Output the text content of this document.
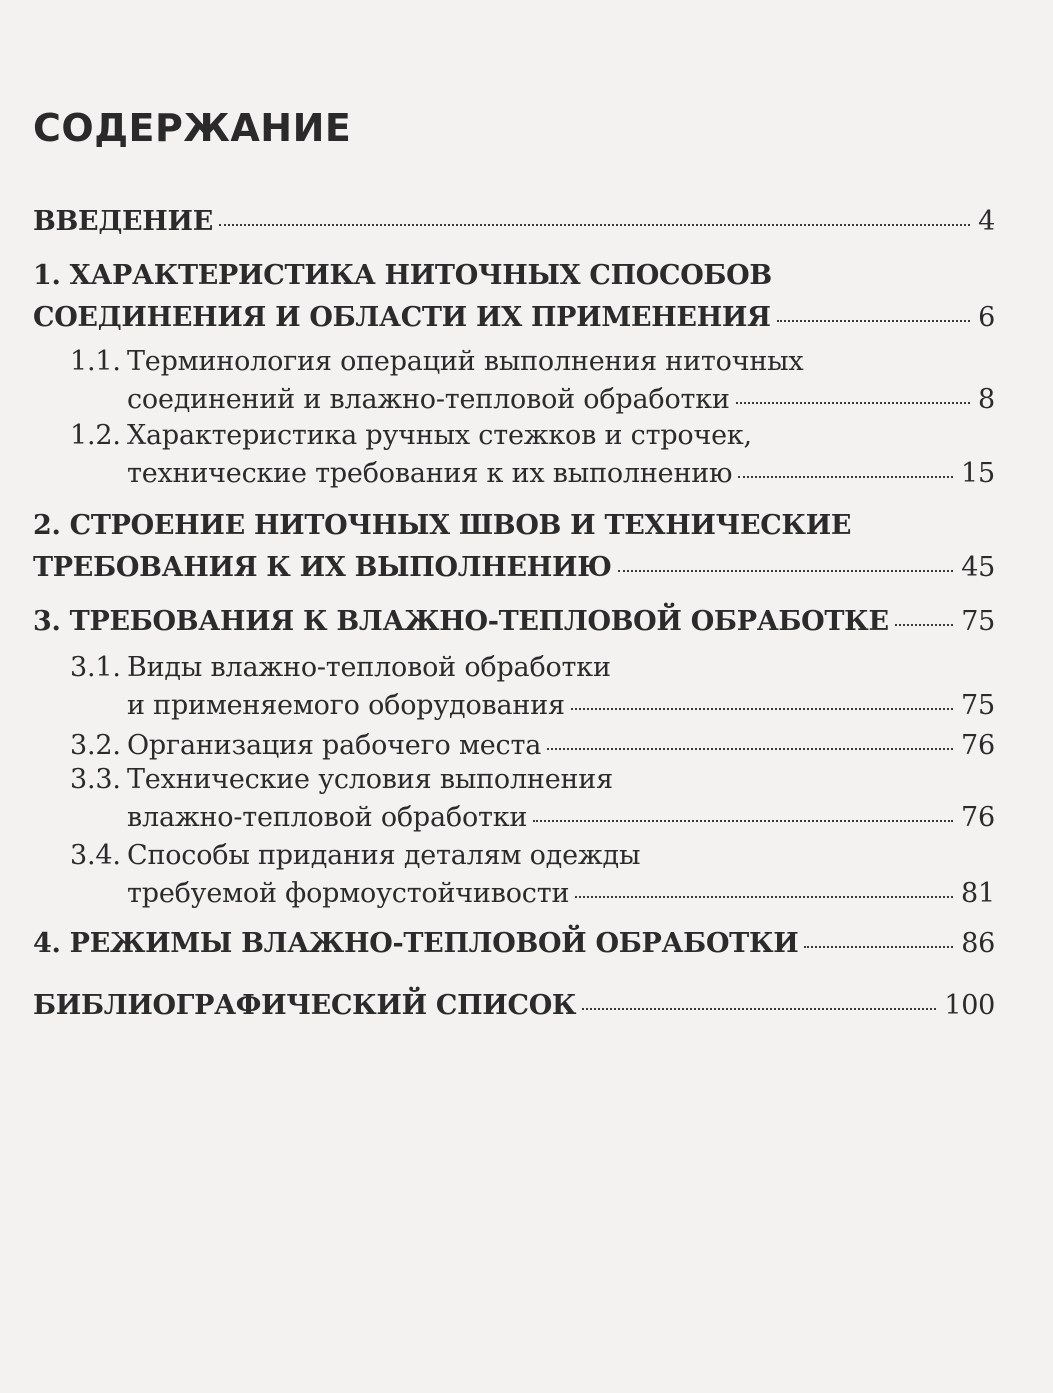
СОДЕРЖАНИЕ
ВВЕДЕНИЕ	4
1. ХАРАКТЕРИСТИКА НИТОЧНЫХ СПОСОБОВ
СОЕДИНЕНИЯ И ОБЛАСТИ ИХ ПРИМЕНЕНИЯ	6
1.1. Терминология операций выполнения ниточных
соединений и влажно-тепловой обработки	8
1.2. Характеристика ручных стежков и строчек,
технические требования к их выполнению	15
2. СТРОЕНИЕ НИТОЧНЫХ ШВОВ И ТЕХНИЧЕСКИЕ
ТРЕБОВАНИЯ К ИХ ВЫПОЛНЕНИЮ	45
3. ТРЕБОВАНИЯ К ВЛАЖНО-ТЕПЛОВОЙ ОБРАБОТКЕ	75
3.1. Виды влажно-тепловой обработки
и применяемого оборудования	75
3.2. Организация рабочего места	76
3.3. Технические условия выполнения
влажно-тепловой обработки	76
3.4. Способы придания деталям одежды
требуемой формоустойчивости	81
4. РЕЖИМЫ ВЛАЖНО-ТЕПЛОВОЙ ОБРАБОТКИ	86
БИБЛИОГРАФИЧЕСКИЙ СПИСОК	100
